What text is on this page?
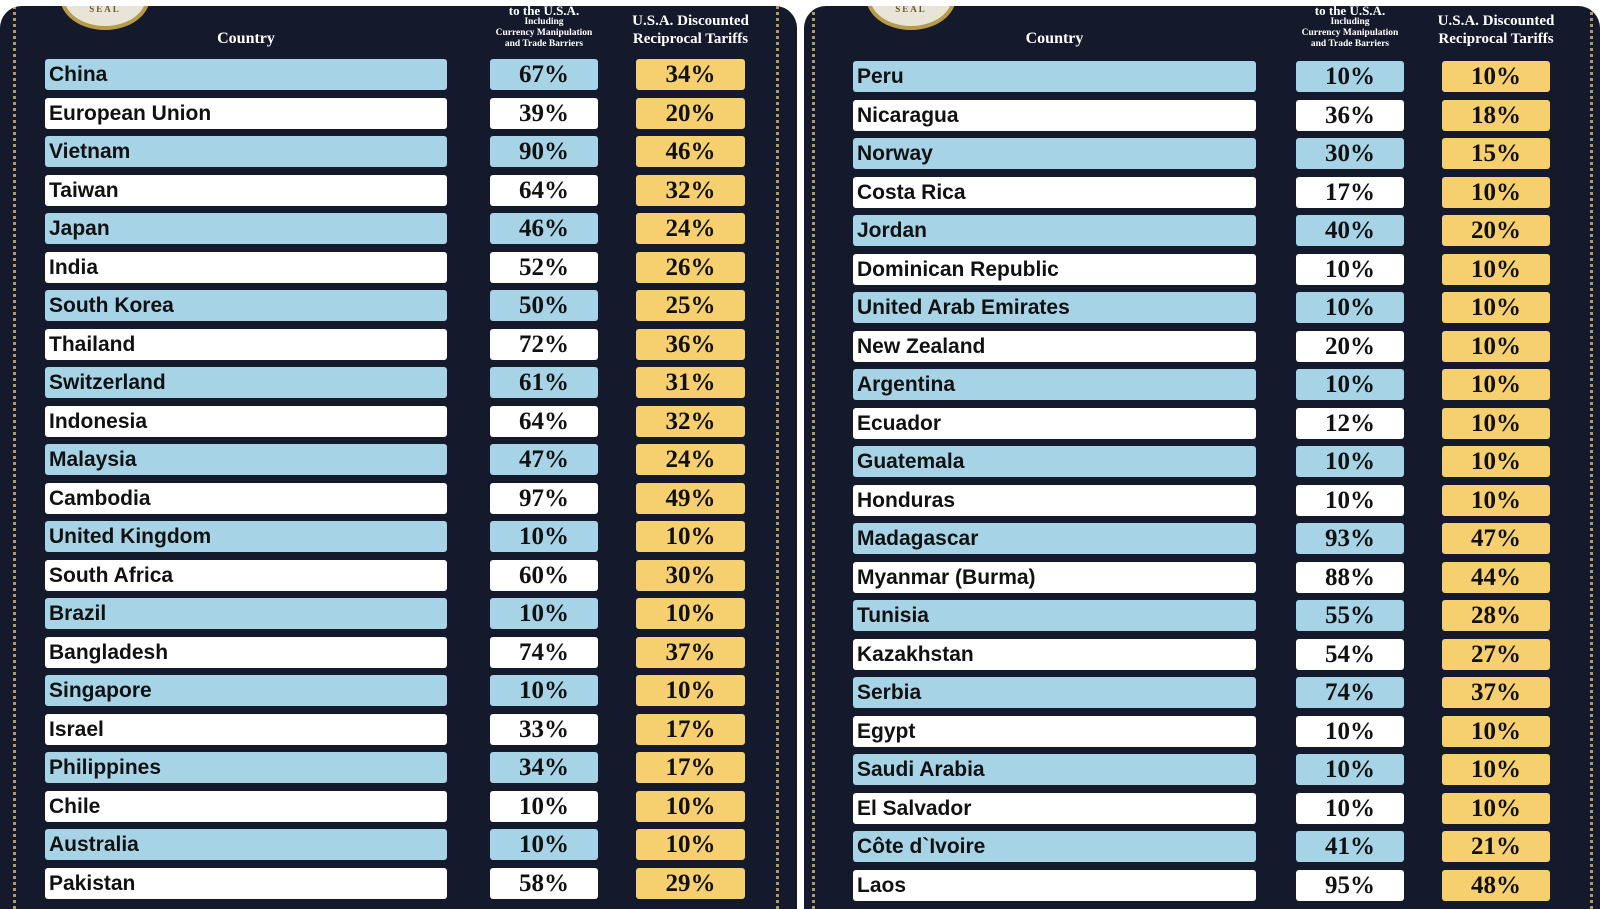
SEAL
Country
to the U.S.A.
Including
Currency Manipulation
and Trade Barriers
U.S.A. Discounted
Reciprocal Tariffs
China	67%	34%
European Union	39%	20%
Vietnam	90%	46%
Taiwan	64%	32%
Japan	46%	24%
India	52%	26%
South Korea	50%	25%
Thailand	72%	36%
Switzerland	61%	31%
Indonesia	64%	32%
Malaysia	47%	24%
Cambodia	97%	49%
United Kingdom	10%	10%
South Africa	60%	30%
Brazil	10%	10%
Bangladesh	74%	37%
Singapore	10%	10%
Israel	33%	17%
Philippines	34%	17%
Chile	10%	10%
Australia	10%	10%
Pakistan	58%	29%
SEAL
Country
to the U.S.A.
Including
Currency Manipulation
and Trade Barriers
U.S.A. Discounted
Reciprocal Tariffs
Peru	10%	10%
Nicaragua	36%	18%
Norway	30%	15%
Costa Rica	17%	10%
Jordan	40%	20%
Dominican Republic	10%	10%
United Arab Emirates	10%	10%
New Zealand	20%	10%
Argentina	10%	10%
Ecuador	12%	10%
Guatemala	10%	10%
Honduras	10%	10%
Madagascar	93%	47%
Myanmar (Burma)	88%	44%
Tunisia	55%	28%
Kazakhstan	54%	27%
Serbia	74%	37%
Egypt	10%	10%
Saudi Arabia	10%	10%
El Salvador	10%	10%
Côte d`Ivoire	41%	21%
Laos	95%	48%
